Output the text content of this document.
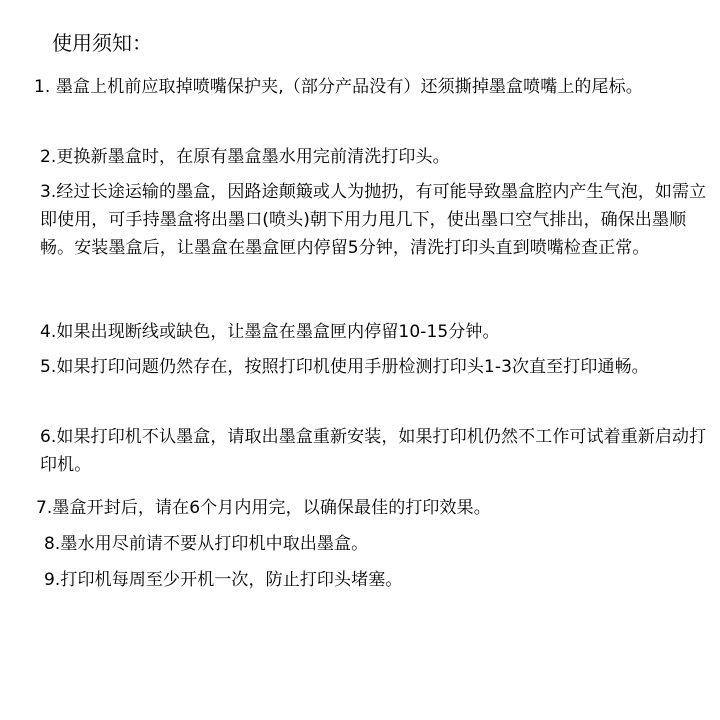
使用须知：
1. 墨盒上机前应取掉喷嘴保护夹,（部分产品没有）还须撕掉墨盒喷嘴上的尾标。
2.更换新墨盒时，在原有墨盒墨水用完前清洗打印头。
3.经过长途运输的墨盒，因路途颠簸或人为抛扔，有可能导致墨盒腔内产生气泡，如需立即使用，可手持墨盒将出墨口(喷头)朝下用力甩几下，使出墨口空气排出，确保出墨顺畅。安装墨盒后，让墨盒在墨盒匣内停留5分钟，清洗打印头直到喷嘴检查正常。
4.如果出现断线或缺色，让墨盒在墨盒匣内停留10-15分钟。
5.如果打印问题仍然存在，按照打印机使用手册检测打印头1-3次直至打印通畅。
6.如果打印机不认墨盒，请取出墨盒重新安装，如果打印机仍然不工作可试着重新启动打印机。
7.墨盒开封后，请在6个月内用完，以确保最佳的打印效果。
8.墨水用尽前请不要从打印机中取出墨盒。
9.打印机每周至少开机一次，防止打印头堵塞。
